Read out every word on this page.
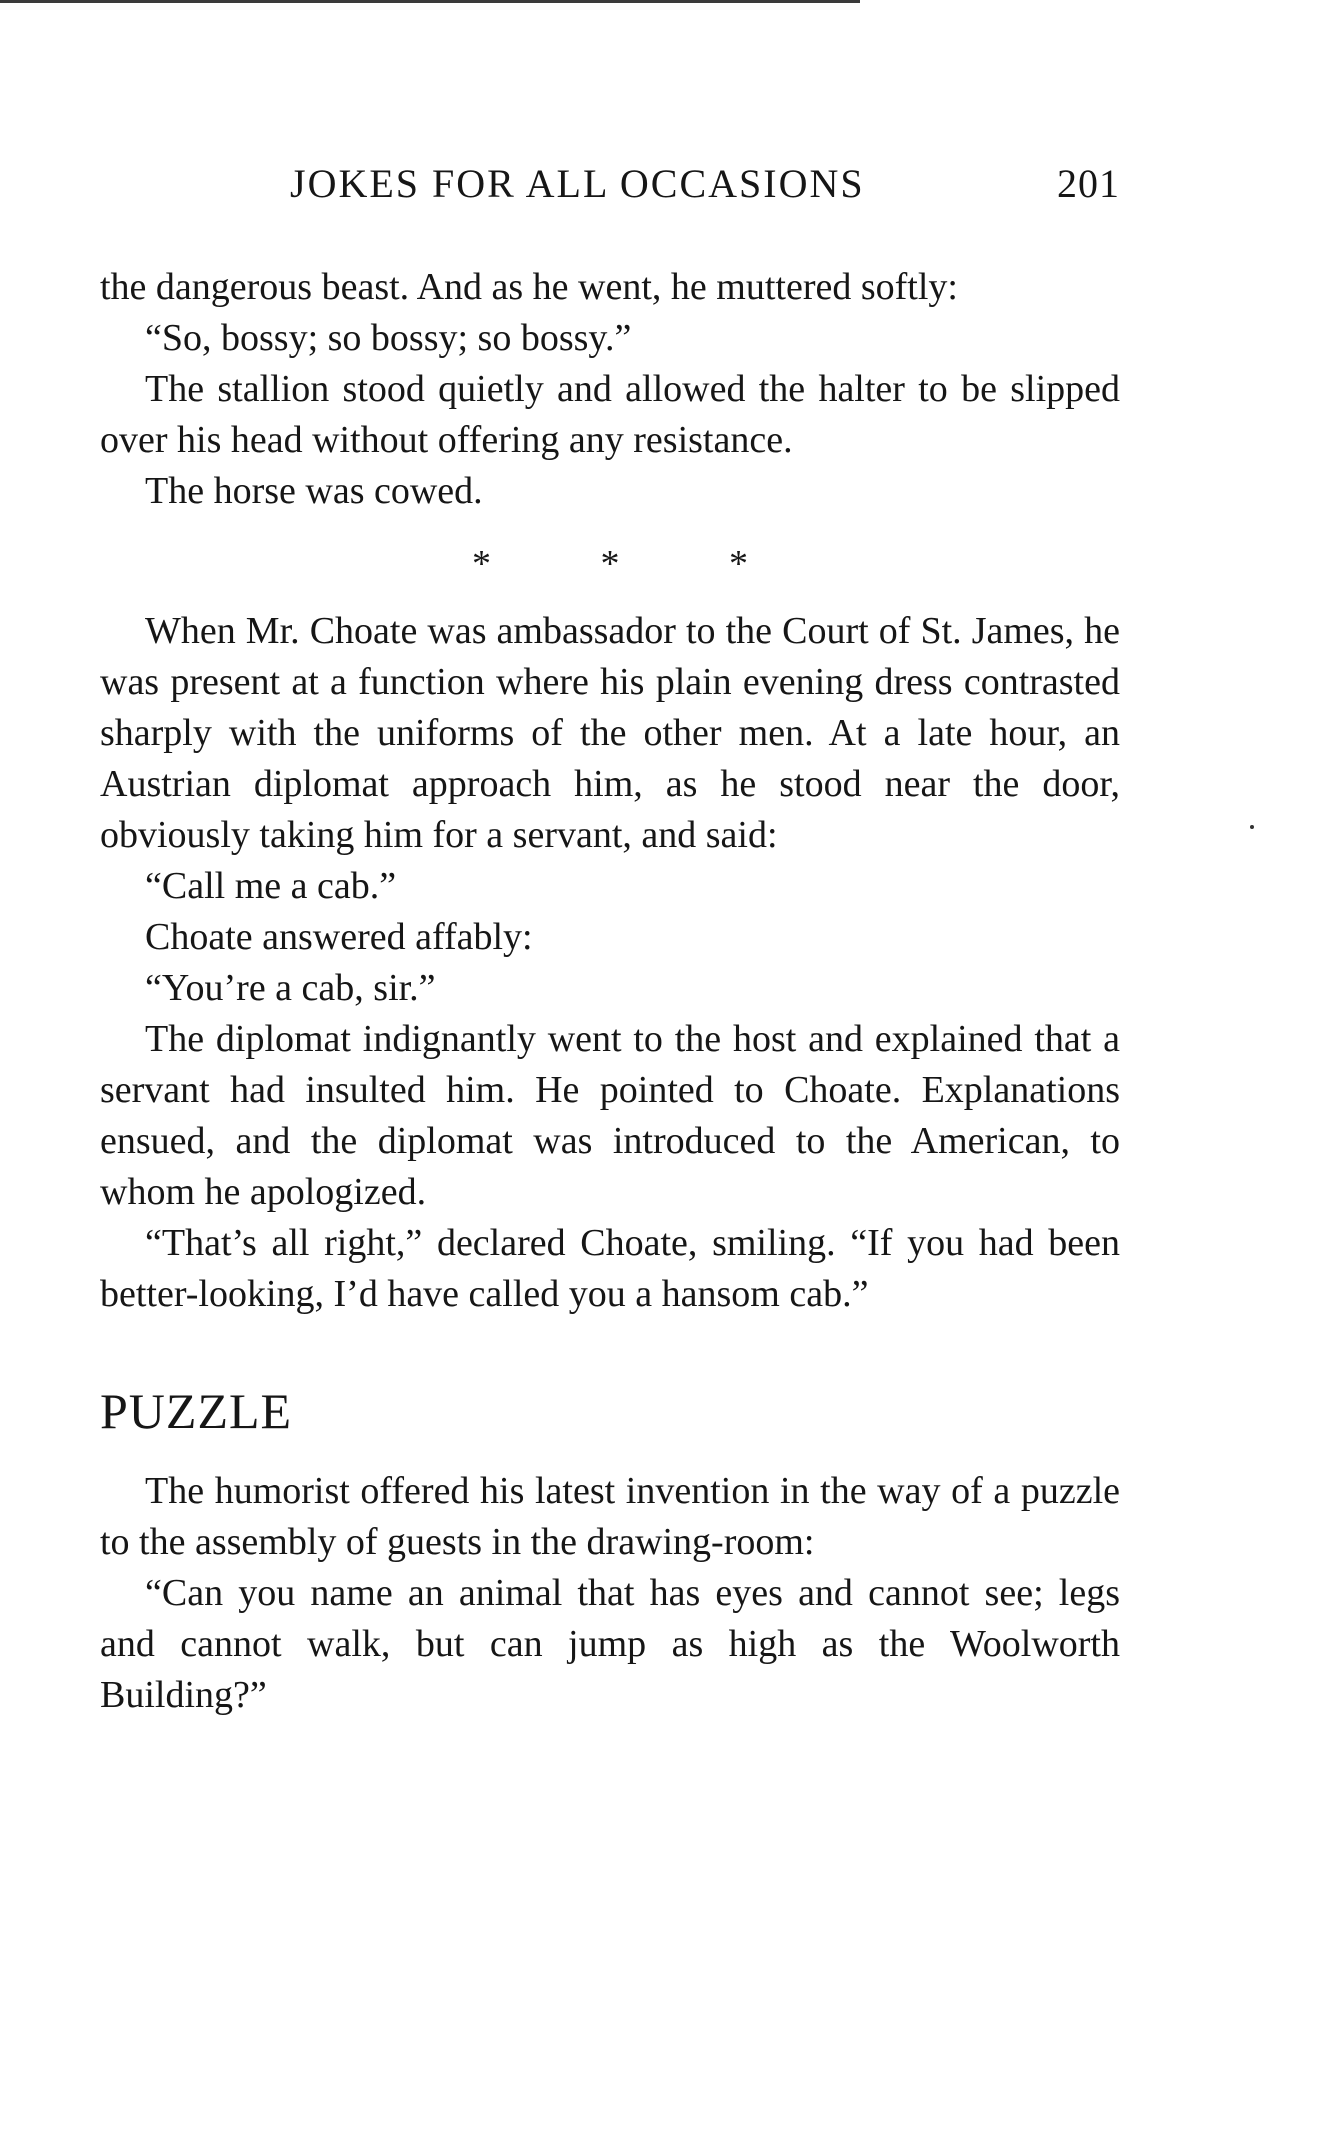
JOKES FOR ALL OCCASIONS	201

the dangerous beast. And as he went, he muttered softly:

“So, bossy; so bossy; so bossy.”

The stallion stood quietly and allowed the halter to be slipped over his head without offering any resistance.

The horse was cowed.

* * *

When Mr. Choate was ambassador to the Court of St. James, he was present at a function where his plain evening dress contrasted sharply with the uniforms of the other men. At a late hour, an Austrian diplomat approach him, as he stood near the door, obviously taking him for a servant, and said:

“Call me a cab.”

Choate answered affably:

“You’re a cab, sir.”

The diplomat indignantly went to the host and explained that a servant had insulted him. He pointed to Choate. Explanations ensued, and the diplomat was introduced to the American, to whom he apologized.

“That’s all right,” declared Choate, smiling. “If you had been better-looking, I’d have called you a hansom cab.”

PUZZLE

The humorist offered his latest invention in the way of a puzzle to the assembly of guests in the drawing-room:

“Can you name an animal that has eyes and cannot see; legs and cannot walk, but can jump as high as the Woolworth Building?”
